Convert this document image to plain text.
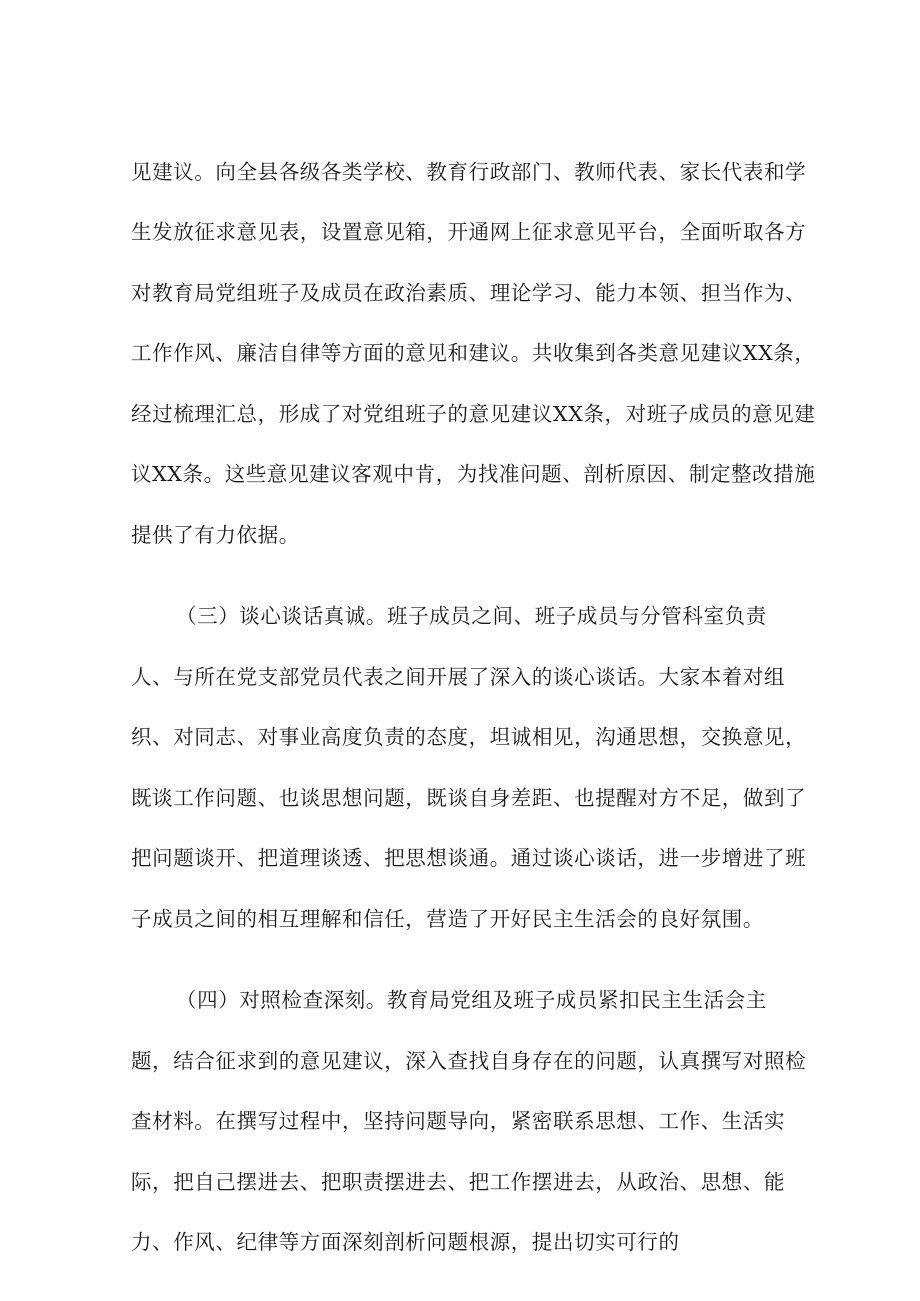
见建议。向全县各级各类学校、教育行政部门、教师代表、家长代表和学
生发放征求意见表，设置意见箱，开通网上征求意见平台，全面听取各方
对教育局党组班子及成员在政治素质、理论学习、能力本领、担当作为、
工作作风、廉洁自律等方面的意见和建议。共收集到各类意见建议XX条，
经过梳理汇总，形成了对党组班子的意见建议XX条，对班子成员的意见建
议XX条。这些意见建议客观中肯，为找准问题、剖析原因、制定整改措施
提供了有力依据。
（三）谈心谈话真诚。班子成员之间、班子成员与分管科室负责
人、与所在党支部党员代表之间开展了深入的谈心谈话。大家本着对组
织、对同志、对事业高度负责的态度，坦诚相见，沟通思想，交换意见，
既谈工作问题、也谈思想问题，既谈自身差距、也提醒对方不足，做到了
把问题谈开、把道理谈透、把思想谈通。通过谈心谈话，进一步增进了班
子成员之间的相互理解和信任，营造了开好民主生活会的良好氛围。
（四）对照检查深刻。教育局党组及班子成员紧扣民主生活会主
题，结合征求到的意见建议，深入查找自身存在的问题，认真撰写对照检
查材料。在撰写过程中，坚持问题导向，紧密联系思想、工作、生活实
际，把自己摆进去、把职责摆进去、把工作摆进去，从政治、思想、能
力、作风、纪律等方面深刻剖析问题根源，提出切实可行的
